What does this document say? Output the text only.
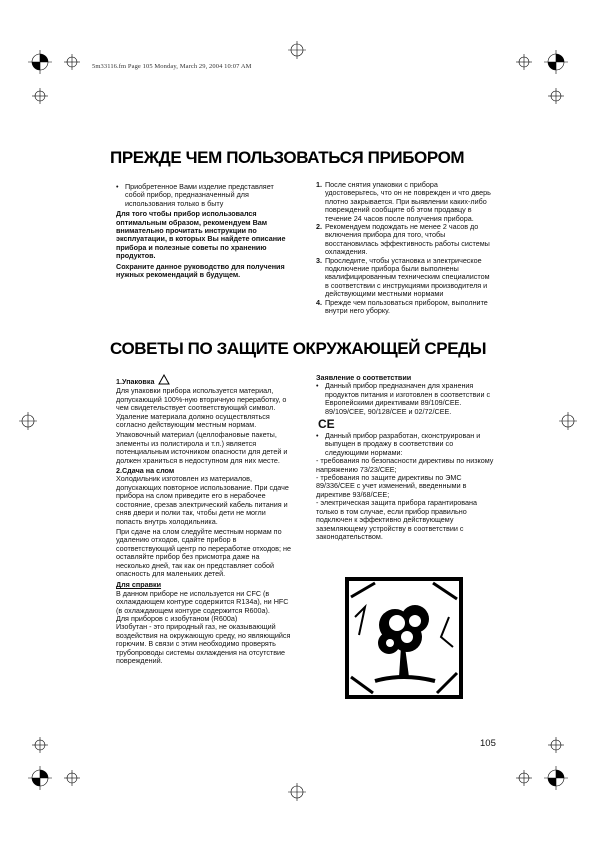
5m33116.fm Page 105 Monday, March 29, 2004 10:07 AM
ПРЕЖДЕ ЧЕМ ПОЛЬЗОВАТЬСЯ ПРИБОРОМ

• Приобретенное Вами изделие представляет собой прибор, предназначенный для использования только в быту

Для того чтобы прибор использовался оптимальным образом, рекомендуем Вам внимательно прочитать инструкции по эксплуатации, в которых Вы найдете описание прибора и полезные советы по хранению продуктов.

Сохраните данное руководство для получения нужных рекомендаций в будущем.

1. После снятия упаковки с прибора удостоверьтесь, что он не поврежден и что дверь плотно закрывается. При выявлении каких-либо повреждений сообщите об этом продавцу в течение 24 часов после получения прибора.
2. Рекомендуем подождать не менее 2 часов до включения прибора для того, чтобы восстановилась эффективность работы системы охлаждения.
3. Проследите, чтобы установка и электрическое подключение прибора были выполнены квалифицированным техническим специалистом в соответствии с инструкциями производителя и действующими местными нормами
4. Прежде чем пользоваться прибором, выполните внутри него уборку.
СОВЕТЫ ПО ЗАЩИТЕ ОКРУЖАЮЩЕЙ СРЕДЫ
1.Упаковка

Для упаковки прибора используется материал, допускающий 100%-ную вторичную переработку, о чем свидетельствует соответствующий символ. Удаление материала должно осуществляться согласно действующим местным нормам.

Упаковочный материал (целлофановые пакеты, элементы из полистирола и т.п.) является потенциальным источником опасности для детей и должен храниться в недоступном для них месте.

2.Сдача на слом

Холодильник изготовлен из материалов, допускающих повторное использование. При сдаче прибора на слом приведите его в нерабочее состояние, срезав электрический кабель питания и сняв двери и полки так, чтобы дети не могли попасть внутрь холодильника.

При сдаче на слом следуйте местным нормам по удалению отходов, сдайте прибор в соответствующий центр по переработке отходов; не оставляйте прибор без присмотра даже на несколько дней, так как он представляет собой опасность для маленьких детей.

Для справки

В данном приборе не используется ни CFC (в охлаждающем контуре содержится R134a), ни HFC (в охлаждающем контуре содержится R600a).

Для приборов с изобутаном (R600a)

Изобутан - это природный газ, не оказывающий воздействия на окружающую среду, но являющийся горючим. В связи с этим необходимо проверять трубопроводы системы охлаждения на отсутствие повреждений.

Заявление о соответствии

• Данный прибор предназначен для хранения продуктов питания и изготовлен в соответствии с Европейскими директивами 89/109/CEE. 89/109/CEE, 90/128/CEE и 02/72/CEE.

CE

• Данный прибор разработан, сконструирован и выпущен в продажу в соответствии со следующими нормами:

- требования по безопасности директивы по низкому напряжению 73/23/CEE;

- требования по защите директивы по ЭМС 89/336/CEE с учет изменений, введенными в директиве 93/68/CEE;

- электрическая защита прибора гарантирована только в том случае, если прибор правильно подключен к эффективно действующему заземляющему устройству в соответствии с законодательством.

105
